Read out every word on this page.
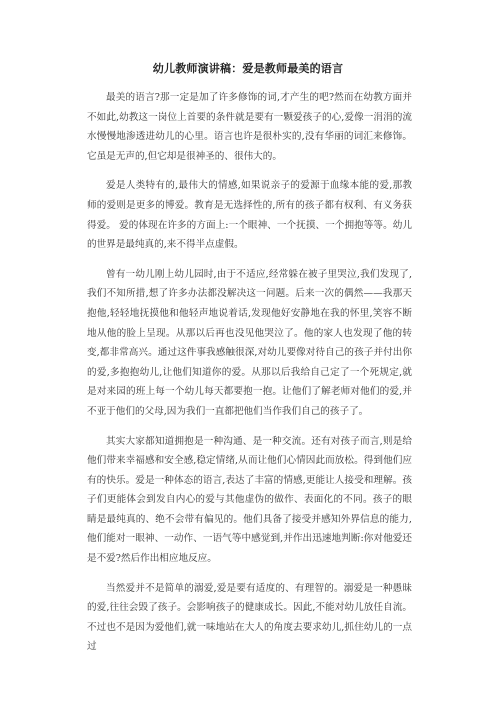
幼儿教师演讲稿：爱是教师最美的语言

最美的语言?那一定是加了许多修饰的词,才产生的吧?然而在幼教方面并不如此,幼教这一岗位上首要的条件就是要有一颗爱孩子的心,爱像一涓涓的流水慢慢地渗透进幼儿的心里。语言也许是很朴实的,没有华丽的词汇来修饰。它虽是无声的,但它却是很神圣的、很伟大的。

爱是人类特有的,最伟大的情感,如果说亲子的爱源于血缘本能的爱,那教师的爱则是更多的博爱。教育是无选择性的,所有的孩子都有权利、有义务获得爱。 爱的体现在许多的方面上:一个眼神、一个抚摸、一个拥抱等等。幼儿的世界是最纯真的,来不得半点虚假。

曾有一幼儿刚上幼儿园时,由于不适应,经常躲在被子里哭泣,我们发现了,我们不知所措,想了许多办法都没解决这一问题。后来一次的偶然——我那天抱他,轻轻地抚摸他和他轻声地说着话,发现他好安静地在我的怀里,笑容不断地从他的脸上呈现。从那以后再也没见他哭泣了。他的家人也发现了他的转变,都非常高兴。通过这件事我感触很深,对幼儿要像对待自己的孩子并付出你的爱,多抱抱幼儿,让他们知道你的爱。从那以后我给自己定了一个死规定,就是对来园的班上每一个幼儿每天都要抱一抱。让他们了解老师对他们的爱,并不亚于他们的父母,因为我们一直都把他们当作我们自己的孩子了。

其实大家都知道拥抱是一种沟通、是一种交流。还有对孩子而言,则是给他们带来幸福感和安全感,稳定情绪,从而让他们心情因此而放松。得到他们应有的快乐。爱是一种体态的语言,表达了丰富的情感,更能让人接受和理解。孩子们更能体会到发自内心的爱与其他虚伪的做作、表面化的不同。孩子的眼睛是最纯真的、绝不会带有偏见的。他们具备了接受并感知外界信息的能力,他们能对一眼神、一动作、一语气等中感觉到,并作出迅速地判断:你对他爱还是不爱?然后作出相应地反应。

当然爱并不是简单的溺爱,爱是要有适度的、有理智的。溺爱是一种愚昧的爱,往往会毁了孩子。会影响孩子的健康成长。因此,不能对幼儿放任自流。不过也不是因为爱他们,就一味地站在大人的角度去要求幼儿,抓住幼儿的一点过
